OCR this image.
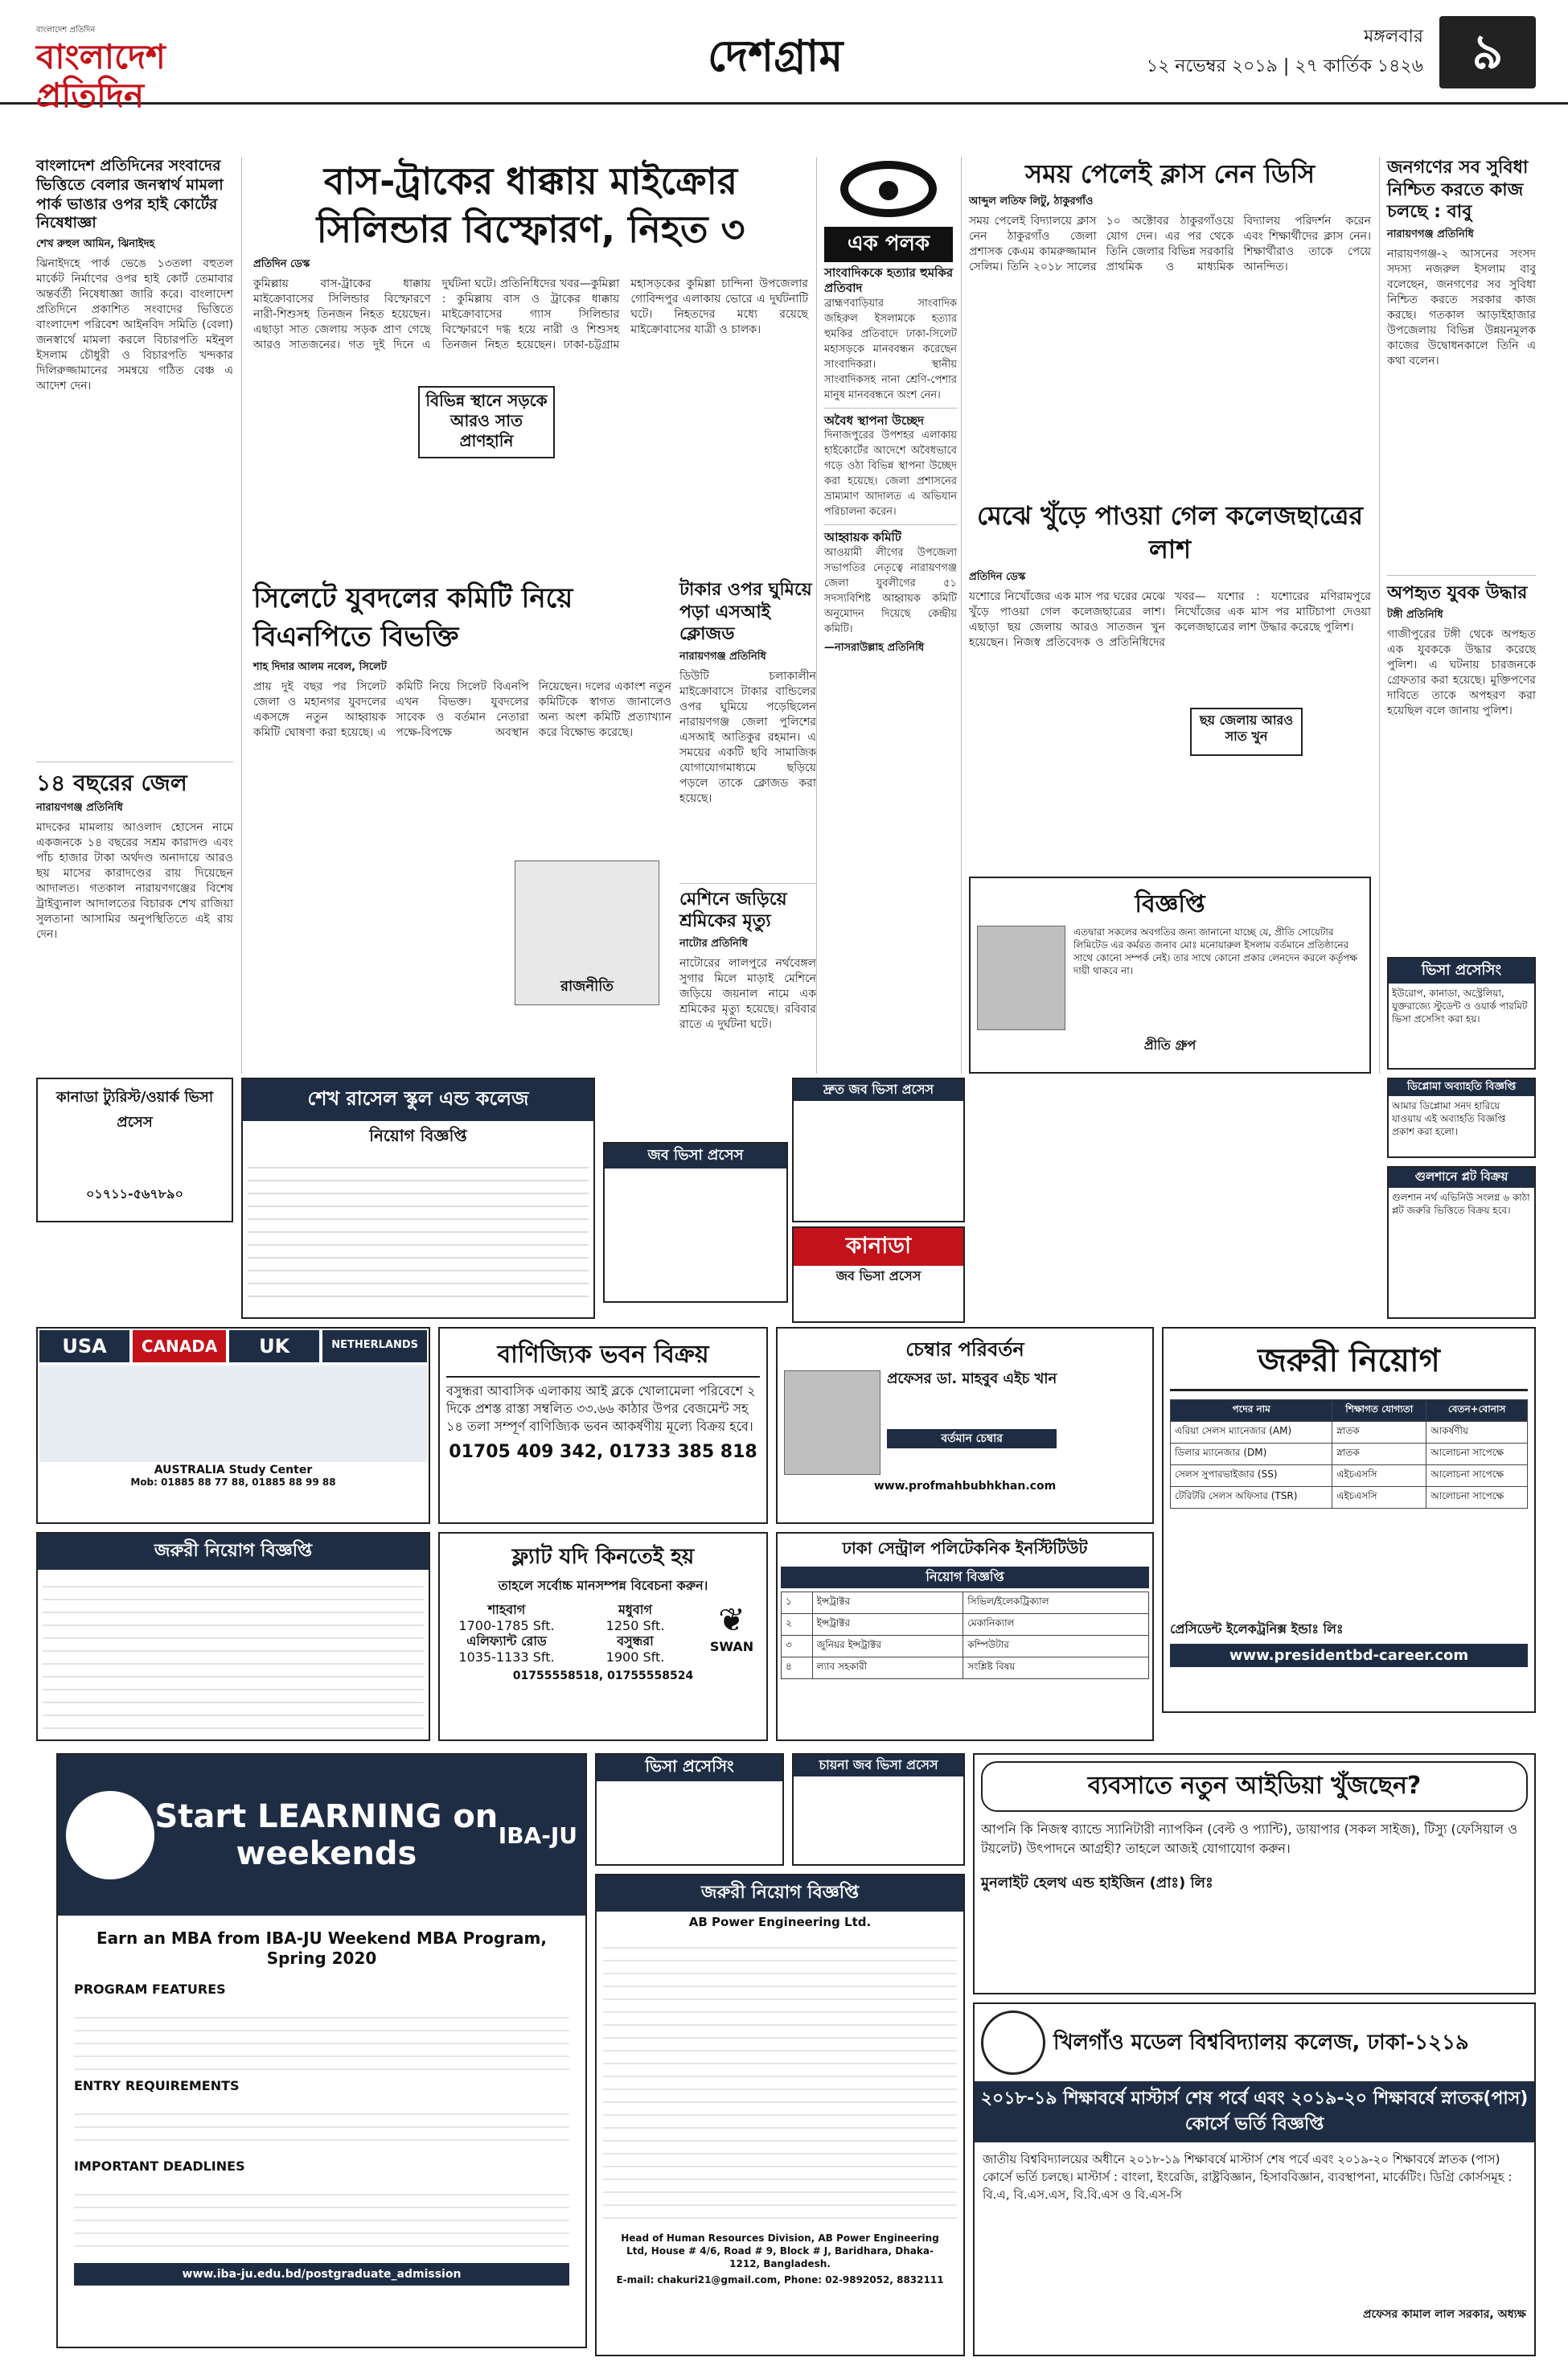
বাংলাদেশ প্রতিদিন
বাংলাদেশ প্রতিদিন
দেশগ্রাম	মঙ্গলবার
১২ নভেম্বর ২০১৯ | ২৭ কার্তিক ১৪২৬	৯
বাংলাদেশ প্রতিদিনের সংবাদের ভিত্তিতে বেলার জনস্বার্থ মামলা পার্ক ভাঙার ওপর হাই কোর্টের নিষেধাজ্ঞা
শেখ রুহুল আমিন, ঝিনাইদহ
ঝিনাইদহে পার্ক ভেঙে ১৩তলা বহুতল মার্কেট নির্মাণের ওপর হাই কোর্ট তেমাবার অন্তর্বর্তী নিষেধাজ্ঞা জারি করে। বাংলাদেশ প্রতিদিনে প্রকাশিত সংবাদের ভিত্তিতে বাংলাদেশ পরিবেশ আইনবিদ সমিতি (বেলা) জনস্বার্থে মামলা করলে বিচারপতি মইনুল ইসলাম চৌধুরী ও বিচারপতি খন্দকার দিলিরুজ্জামানের সমন্বয়ে গঠিত বেঞ্চ এ আদেশ দেন।
১৪ বছরের জেল
নারায়ণগঞ্জ প্রতিনিধি
মাদকের মামলায় আওলাদ হোসেন নামে একজনকে ১৪ বছরের সশ্রম কারাদণ্ড এবং পাঁচ হাজার টাকা অর্থদণ্ড অনাদায়ে আরও ছয় মাসের কারাদণ্ডের রায় দিয়েছেন আদালত। গতকাল নারায়ণগঞ্জের বিশেষ ট্রাইব্যুনাল আদালতের বিচারক শেখ রাজিয়া সুলতানা আসামির অনুপস্থিতিতে এই রায় দেন।
বাস-ট্রাকের ধাক্কায় মাইক্রোর সিলিন্ডার বিস্ফোরণ, নিহত ৩
প্রতিদিন ডেস্ক
কুমিল্লায় বাস-ট্রাকের ধাক্কায় মাইক্রোবাসের সিলিন্ডার বিস্ফোরণে নারী-শিশুসহ তিনজন নিহত হয়েছেন। এছাড়া সাত জেলায় সড়ক প্রাণ গেছে আরও সাতজনের। গত দুই দিনে এ দুর্ঘটনা ঘটে। প্রতিনিধিদের খবর—কুমিল্লা : কুমিল্লায় বাস ও ট্রাকের ধাক্কায় মাইক্রোবাসের গ্যাস সিলিন্ডার বিস্ফোরণে দগ্ধ হয়ে নারী ও শিশুসহ তিনজন নিহত হয়েছেন। ঢাকা-চট্টগ্রাম মহাসড়কের কুমিল্লা চান্দিনা উপজেলার গোবিন্দপুর এলাকায় ভোরে এ দুর্ঘটনাটি ঘটে। নিহতদের মধ্যে রয়েছে মাইক্রোবাসের যাত্রী ও চালক।
বিভিন্ন স্থানে সড়কে আরও সাত প্রাণহানি
সিলেটে যুবদলের কমিটি নিয়ে বিএনপিতে বিভক্তি
শাহ দিদার আলম নবেল, সিলেট
প্রায় দুই বছর পর সিলেট জেলা ও মহানগর যুবদলের একসঙ্গে নতুন আহ্বায়ক কমিটি ঘোষণা করা হয়েছে। এ কমিটি নিয়ে সিলেট বিএনপি এখন বিভক্ত। যুবদলের সাবেক ও বর্তমান নেতারা পক্ষে-বিপক্ষে অবস্থান নিয়েছেন। দলের একাংশ নতুন কমিটিকে স্বাগত জানালেও অন্য অংশ কমিটি প্রত্যাখ্যান করে বিক্ষোভ করেছে।
রাজনীতি
টাকার ওপর ঘুমিয়ে পড়া এসআই ক্লোজড
নারায়ণগঞ্জ প্রতিনিধি
ডিউটি চলাকালীন মাইক্রোবাসে টাকার বান্ডিলের ওপর ঘুমিয়ে পড়েছিলেন নারায়ণগঞ্জ জেলা পুলিশের এসআই আতিকুর রহমান। এ সময়ের একটি ছবি সামাজিক যোগাযোগমাধ্যমে ছড়িয়ে পড়লে তাকে ক্লোজড করা হয়েছে।
মেশিনে জড়িয়ে শ্রমিকের মৃত্যু
নাটোর প্রতিনিধি
নাটোরের লালপুরে নর্থবেঙ্গল সুগার মিলে মাড়াই মেশিনে জড়িয়ে জয়নাল নামে এক শ্রমিকের মৃত্যু হয়েছে। রবিবার রাতে এ দুর্ঘটনা ঘটে।
এক পলক
সাংবাদিককে হত্যার হুমকির প্রতিবাদ
ব্রাহ্মণবাড়িয়ার সাংবাদিক জহিরুল ইসলামকে হত্যার হুমকির প্রতিবাদে ঢাকা-সিলেট মহাসড়কে মানববন্ধন করেছেন সাংবাদিকরা। স্থানীয় সাংবাদিকসহ নানা শ্রেণি-পেশার মানুষ মানববন্ধনে অংশ নেন।
অবৈধ স্থাপনা উচ্ছেদ
দিনাজপুরের উপশহর এলাকায় হাইকোর্টের আদেশে অবৈধভাবে গড়ে ওঠা বিভিন্ন স্থাপনা উচ্ছেদ করা হয়েছে। জেলা প্রশাসনের ভ্রাম্যমাণ আদালত এ অভিযান পরিচালনা করেন।
আহ্বায়ক কমিটি
আওয়ামী লীগের উপজেলা সভাপতির নেতৃত্বে নারায়ণগঞ্জ জেলা যুবলীগের ৫১ সদস্যবিশিষ্ট আহ্বায়ক কমিটি অনুমোদন দিয়েছে কেন্দ্রীয় কমিটি।
—নাসরাউল্লাহ প্রতিনিধি
সময় পেলেই ক্লাস নেন ডিসি
আব্দুল লতিফ লিটু, ঠাকুরগাঁও
সময় পেলেই বিদ্যালয়ে ক্লাস নেন ঠাকুরগাঁও জেলা প্রশাসক কেএম কামরুজ্জামান সেলিম। তিনি ২০১৮ সালের ১০ অক্টোবর ঠাকুরগাঁওয়ে যোগ দেন। এর পর থেকে তিনি জেলার বিভিন্ন সরকারি প্রাথমিক ও মাধ্যমিক বিদ্যালয় পরিদর্শন করেন এবং শিক্ষার্থীদের ক্লাস নেন। শিক্ষার্থীরাও তাকে পেয়ে আনন্দিত।
মেঝে খুঁড়ে পাওয়া গেল কলেজছাত্রের লাশ
প্রতিদিন ডেস্ক
যশোরে নিখোঁজের এক মাস পর ঘরের মেঝে খুঁড়ে পাওয়া গেল কলেজছাত্রের লাশ। এছাড়া ছয় জেলায় আরও সাতজন খুন হয়েছেন। নিজস্ব প্রতিবেদক ও প্রতিনিধিদের খবর— যশোর : যশোরের মণিরামপুরে নিখোঁজের এক মাস পর মাটিচাপা দেওয়া কলেজছাত্রের লাশ উদ্ধার করেছে পুলিশ।
ছয় জেলায় আরও সাত খুন
বিজ্ঞপ্তি
এতদ্বারা সকলের অবগতির জন্য জানানো যাচ্ছে যে, প্রীতি সোয়েটার লিমিটেড এর কর্মরত জনাব মোঃ মনোয়ারুল ইসলাম বর্তমানে প্রতিষ্ঠানের সাথে কোনো সম্পর্ক নেই। তার সাথে কোনো প্রকার লেনদেন করলে কর্তৃপক্ষ দায়ী থাকবে না।
প্রীতি গ্রুপ
জনগণের সব সুবিধা নিশ্চিত করতে কাজ চলছে : বাবু
নারায়ণগঞ্জ প্রতিনিধি
নারায়ণগঞ্জ-২ আসনের সংসদ সদস্য নজরুল ইসলাম বাবু বলেছেন, জনগণের সব সুবিধা নিশ্চিত করতে সরকার কাজ করছে। গতকাল আড়াইহাজার উপজেলায় বিভিন্ন উন্নয়নমূলক কাজের উদ্বোধনকালে তিনি এ কথা বলেন।
অপহৃত যুবক উদ্ধার
টঙ্গী প্রতিনিধি
গাজীপুরের টঙ্গী থেকে অপহৃত এক যুবককে উদ্ধার করেছে পুলিশ। এ ঘটনায় চারজনকে গ্রেফতার করা হয়েছে। মুক্তিপণের দাবিতে তাকে অপহরণ করা হয়েছিল বলে জানায় পুলিশ।
ভিসা প্রসেসিং
ইউরোপ, কানাডা, অস্ট্রেলিয়া, যুক্তরাজ্যে স্টুডেন্ট ও ওয়ার্ক পারমিট ভিসা প্রসেসিং করা হয়।
কানাডা ট্যুরিস্ট/ওয়ার্ক ভিসা প্রসেস
০১৭১১-৫৬৭৮৯০
শেখ রাসেল স্কুল এন্ড কলেজ
নিয়োগ বিজ্ঞপ্তি
জব ভিসা প্রসেস
দ্রুত জব ভিসা প্রসেস
কানাডা
জব ভিসা প্রসেস
ডিপ্লোমা অব্যাহতি বিজ্ঞপ্তি
আমার ডিপ্লোমা সনদ হারিয়ে যাওয়ায় এই অব্যাহতি বিজ্ঞপ্তি প্রকাশ করা হলো।
গুলশানে প্লট বিক্রয়
গুলশান নর্থ এভিনিউ সংলগ্ন ৬ কাঠা প্লট জরুরি ভিত্তিতে বিক্রয় হবে।
USA	CANADA	UK	NETHERLANDS
AUSTRALIA Study Center
Mob: 01885 88 77 88, 01885 88 99 88
বাণিজ্যিক ভবন বিক্রয়
বসুন্ধরা আবাসিক এলাকায় আই ব্লকে খোলামেলা পরিবেশে ২ দিকে প্রশস্ত রাস্তা সম্বলিত ৩৩.৬৬ কাঠার উপর বেজমেন্ট সহ ১৪ তলা সম্পূর্ণ বাণিজ্যিক ভবন আকর্ষণীয় মূল্যে বিক্রয় হবে।
01705 409 342, 01733 385 818
চেম্বার পরিবর্তন
প্রফেসর ডা. মাহবুব এইচ খান
বর্তমান চেম্বার
www.profmahbubhkhan.com
জরুরী নিয়োগ
পদের নাম	শিক্ষাগত যোগ্যতা	বেতন+বোনাস
এরিয়া সেলস ম্যানেজার (AM)	স্নাতক	আকর্ষণীয়
ডিলার ম্যানেজার (DM)	স্নাতক	আলোচনা সাপেক্ষে
সেলস সুপারভাইজার (SS)	এইচএসসি	আলোচনা সাপেক্ষে
টেরিটরি সেলস অফিসার (TSR)	এইচএসসি	আলোচনা সাপেক্ষে
প্রেসিডেন্ট ইলেকট্রনিক্স ইন্ডাঃ লিঃ
www.presidentbd-career.com
জরুরী নিয়োগ বিজ্ঞপ্তি	ফ্ল্যাট যদি কিনতেই হয়
তাহলে সর্বোচ্চ মানসম্পন্ন বিবেচনা করুন।
শাহবাগ
1700-1785 Sft.
এলিফ্যান্ট রোড
1035-1133 Sft.
মধুবাগ
1250 Sft.
বসুন্ধরা
1900 Sft.
❦
SWAN
01755558518, 01755558524
ঢাকা সেন্ট্রাল পলিটেকনিক ইনস্টিটিউট
নিয়োগ বিজ্ঞপ্তি
১	ইন্সট্রাক্টর	সিভিল/ইলেকট্রিক্যাল
২	ইন্সট্রাক্টর	মেকানিক্যাল
৩	জুনিয়র ইন্সট্রাক্টর	কম্পিউটার
৪	ল্যাব সহকারী	সংশ্লিষ্ট বিষয়
Start LEARNING on weekends	IBA-JU
Earn an MBA from IBA-JU Weekend MBA Program, Spring 2020
PROGRAM FEATURES
ENTRY REQUIREMENTS
IMPORTANT DEADLINES
www.iba-ju.edu.bd/postgraduate_admission
ভিসা প্রসেসিং	চায়না জব ভিসা প্রসেস
জরুরী নিয়োগ বিজ্ঞপ্তি
AB Power Engineering Ltd.
Head of Human Resources Division, AB Power Engineering Ltd, House # 4/6, Road # 9, Block # J, Baridhara, Dhaka- 1212, Bangladesh.
E-mail: chakuri21@gmail.com, Phone: 02-9892052, 8832111
ব্যবসাতে নতুন আইডিয়া খুঁজছেন?
আপনি কি নিজস্ব ব্যান্ডে স্যানিটারী ন্যাপকিন (বেল্ট ও প্যান্টি), ডায়াপার (সকল সাইজ), টিস্যু (ফেসিয়াল ও টয়লেট) উৎপাদনে আগ্রহী? তাহলে আজই যোগাযোগ করুন।
মুনলাইট হেলথ এন্ড হাইজিন (প্রাঃ) লিঃ
খিলগাঁও মডেল বিশ্ববিদ্যালয় কলেজ, ঢাকা-১২১৯
২০১৮-১৯ শিক্ষাবর্ষে মাস্টার্স শেষ পর্বে এবং ২০১৯-২০ শিক্ষাবর্ষে স্নাতক(পাস) কোর্সে ভর্তি বিজ্ঞপ্তি
জাতীয় বিশ্ববিদ্যালয়ের অধীনে ২০১৮-১৯ শিক্ষাবর্ষে মাস্টার্স শেষ পর্বে এবং ২০১৯-২০ শিক্ষাবর্ষে স্নাতক (পাস) কোর্সে ভর্তি চলছে। মাস্টার্স : বাংলা, ইংরেজি, রাষ্ট্রবিজ্ঞান, হিসাববিজ্ঞান, ব্যবস্থাপনা, মার্কেটিং। ডিগ্রি কোর্সসমূহ : বি.এ, বি.এস.এস, বি.বি.এস ও বি.এস-সি
প্রফেসর কামাল লাল সরকার, অধ্যক্ষ
